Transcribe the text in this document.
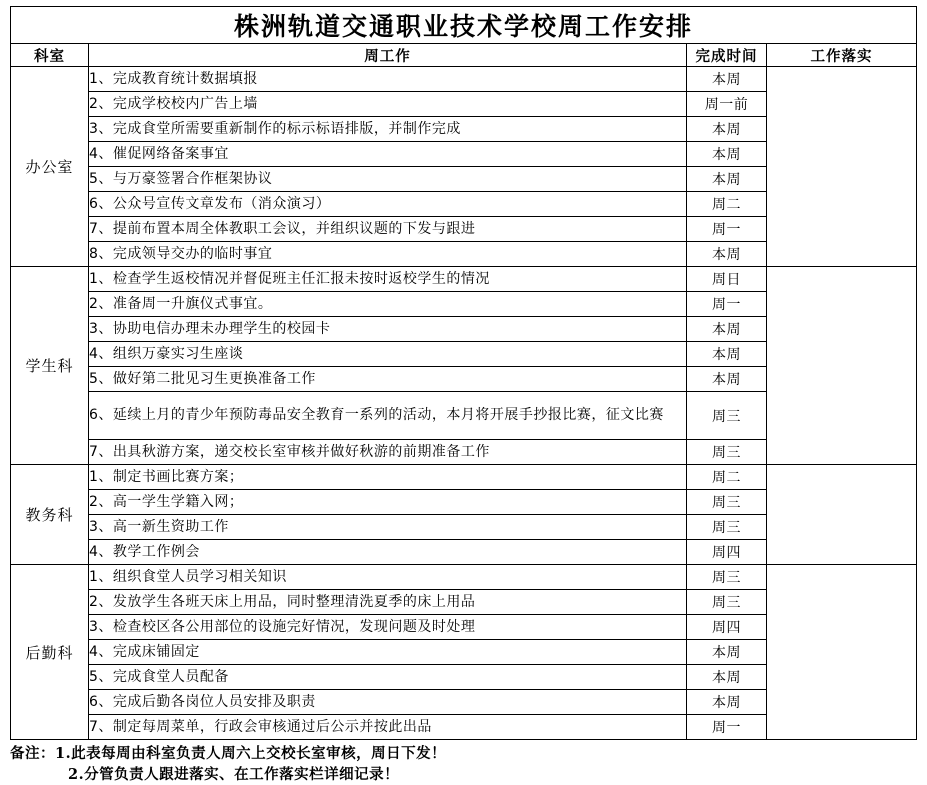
株洲轨道交通职业技术学校周工作安排			
科室	周工作	完成时间	工作落实
办公室	1、完成教育统计数据填报	本周	
	2、完成学校校内广告上墙	周一前	
	3、完成食堂所需要重新制作的标示标语排版，并制作完成	本周	
	4、催促网络备案事宜	本周	
	5、与万豪签署合作框架协议	本周	
	6、公众号宣传文章发布（消众演习）	周二	
	7、提前布置本周全体教职工会议，并组织议题的下发与跟进	周一	
	8、完成领导交办的临时事宜	本周	
学生科	1、检查学生返校情况并督促班主任汇报未按时返校学生的情况	周日	
	2、准备周一升旗仪式事宜。	周一	
	3、协助电信办理未办理学生的校园卡	本周	
	4、组织万豪实习生座谈	本周	
	5、做好第二批见习生更换准备工作	本周	
	6、延续上月的青少年预防毒品安全教育一系列的活动，本月将开展手抄报比赛，征文比赛	周三	
	7、出具秋游方案，递交校长室审核并做好秋游的前期准备工作	周三	
教务科	1、制定书画比赛方案；	周二	
	2、高一学生学籍入网；	周三	
	3、高一新生资助工作	周三	
	4、教学工作例会	周四	
后勤科	1、组织食堂人员学习相关知识	周三	
	2、发放学生各班天床上用品，同时整理清洗夏季的床上用品	周三	
	3、检查校区各公用部位的设施完好情况，发现问题及时处理	周四	
	4、完成床铺固定	本周	
	5、完成食堂人员配备	本周	
	6、完成后勤各岗位人员安排及职责	本周	
	7、制定每周菜单，行政会审核通过后公示并按此出品	周一	
备注：1.此表每周由科室负责人周六上交校长室审核，周日下发！
2.分管负责人跟进落实、在工作落实栏详细记录！
